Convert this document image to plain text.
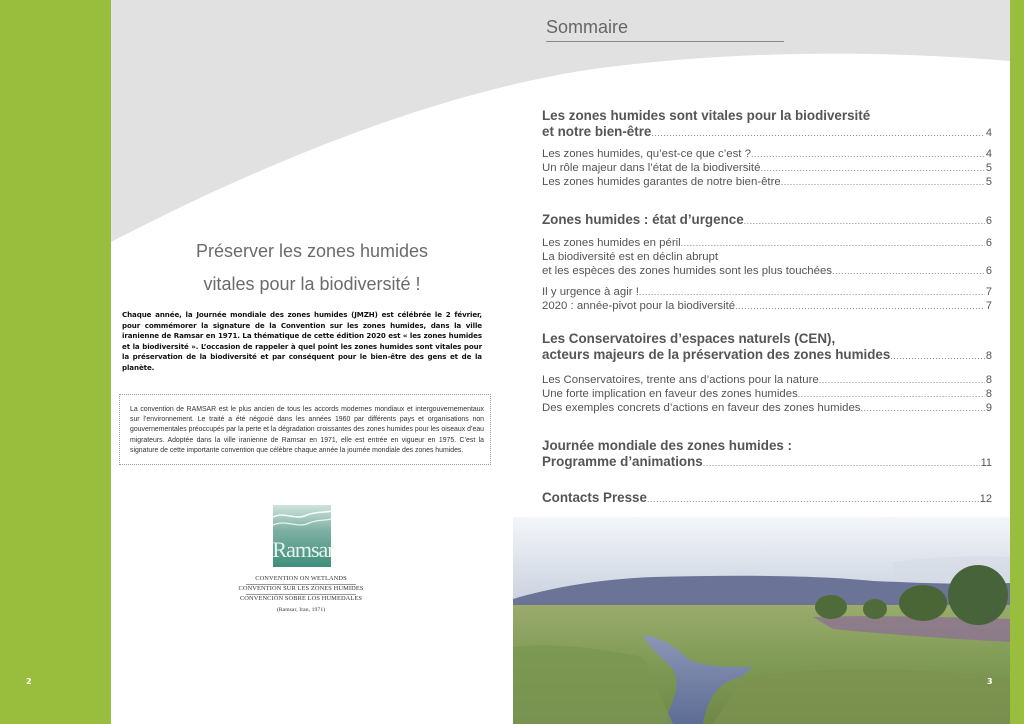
2
Préserver les zones humides
vitales pour la biodiversité !
Chaque année, la Journée mondiale des zones humides (JMZH) est célébrée le 2 février, pour commémorer la signature de la Convention sur les zones humides, dans la ville iranienne de Ramsar en 1971. La thématique de cette édition 2020 est « les zones humides et la biodiversité ». L’occasion de rappeler à quel point les zones humides sont vitales pour la préservation de la biodiversité et par conséquent pour le bien-être des gens et de la planète.
La convention de RAMSAR est le plus ancien de tous les accords modernes mondiaux et intergouvernementaux sur l’environnement. Le traité a été négocié dans les années 1960 par différents pays et organisations non gouvernementales préoccupés par la perte et la dégradation croissantes des zones humides pour les oiseaux d’eau migrateurs. Adoptée dans la ville iranienne de Ramsar en 1971, elle est entrée en vigueur en 1975. C’est la signature de cette importante convention que célèbre chaque année la journée mondiale des zones humides.
Ramsar
CONVENTION ON WETLANDS
CONVENTION SUR LES ZONES HUMIDES
CONVENCIÓN SOBRE LOS HUMEDALES
(Ramsar, Iran, 1971)
Sommaire
Les zones humides sont vitales pour la biodiversité
et notre bien-être .....	4
Les zones humides, qu’est-ce que c’est ? .....	4
Un rôle majeur dans l’état de la biodiversité .....	5
Les zones humides garantes de notre bien-être .....	5
Zones humides : état d’urgence .....	6
Les zones humides en péril .....	6
La biodiversité est en déclin abrupt
et les espèces des zones humides sont les plus touchées .....	6
Il y urgence à agir ! .....	7
2020 : année-pivot pour la biodiversité .....	7
Les Conservatoires d’espaces naturels (CEN),
acteurs majeurs de la préservation des zones humides .....	8
Les Conservatoires, trente ans d’actions pour la nature .....	8
Une forte implication en faveur des zones humides .....	8
Des exemples concrets d’actions en faveur des zones humides .....	9
Journée mondiale des zones humides :
Programme d’animations .....	11
Contacts Presse .....	12
3
